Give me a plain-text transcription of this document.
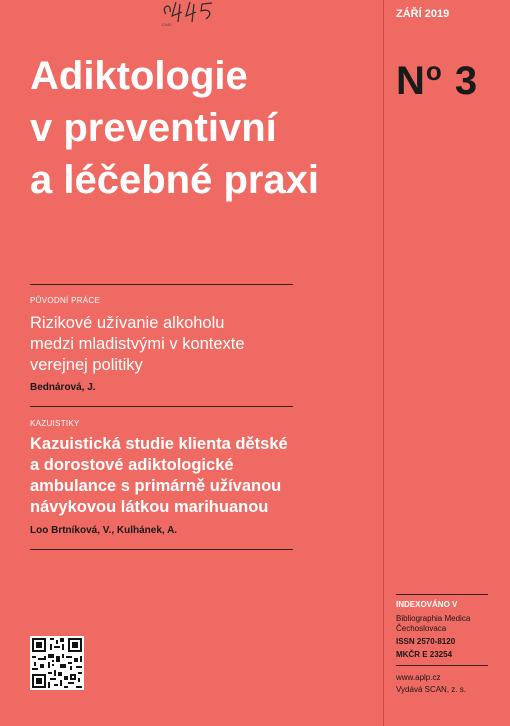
C445
ZÁŘÍ 2019
Adiktologie
v preventivní
a léčebné praxi
$N^o$ 3
PŮVODNÍ PRÁCE
Rizikové užívanie alkoholu
medzi mladistvými v kontexte
verejnej politiky
Bednárová, J.
KAZUISTIKY
Kazuistická studie klienta dětské
a dorostové adiktologické
ambulance s primárně užívanou
návykovou látkou marihuanou
Loo Brtníková, V., Kulhánek, A.
INDEXOVÁNO V
Bibliographia Medica
Čechoslovaca
ISSN 2570-8120
MKČR E 23254
www.aplp.cz
Vydává SCAN, z. s.
